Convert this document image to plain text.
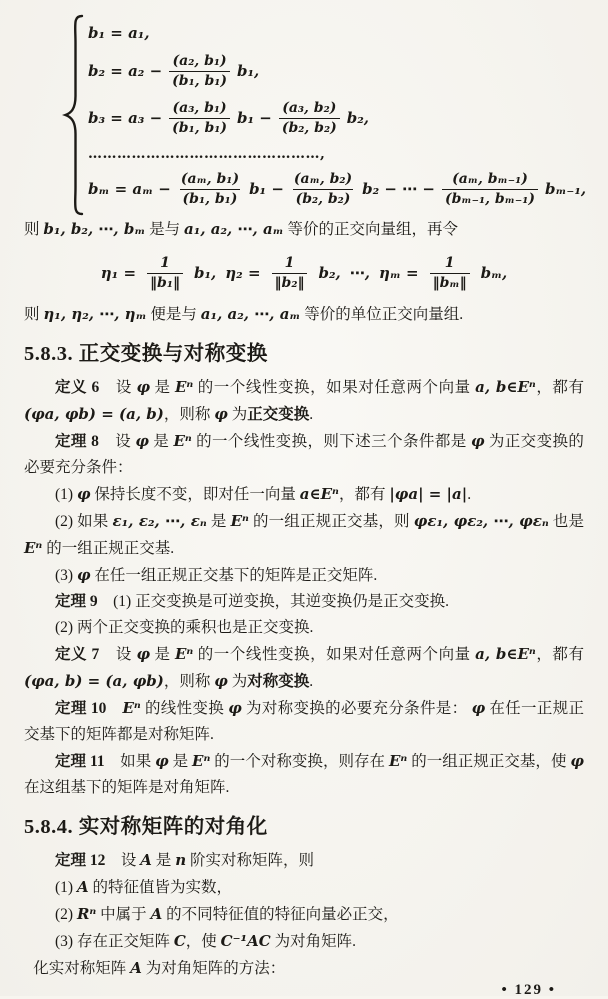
b₁ = a₁,
$b_2 = a_2 - \frac{\text{(a₂, b₁)}}{\text{(b₁, b₁)}} b_1$,
$b_3 = a_3 - \frac{\text{(a₃, b₁)}}{\text{(b₁, b₁)}} b_1 - \frac{\text{(a₃, b₂)}}{\text{(b₂, b₂)}} b_2$,
…………………………………………,
$b_m = a_m - \frac{\text{(aₘ, b₁)}}{\text{(b₁, b₁)}} b_1 - \frac{\text{(aₘ, b₂)}}{\text{(b₂, b₂)}} b_2$ − ⋯ − $\frac{\text{(aₘ, bₘ₋₁)}}{\text{(bₘ₋₁, bₘ₋₁)}} b_{m-1}$,

则 b₁, b₂, ⋯, bₘ 是与 a₁, a₂, ⋯, aₘ 等价的正交向量组，再令

$\eta_1 = \frac{1}{\text{‖b₁‖}} b_1$, $\eta_2 = \frac{1}{\text{‖b₂‖}} b_2$, ⋯, $\eta_m = \frac{1}{\text{‖bₘ‖}} b_m$,

则 η₁, η₂, ⋯, ηₘ 便是与 a₁, a₂, ⋯, aₘ 等价的单位正交向量组.

5.8.3. 正交变换与对称变换

定义 6　设 φ 是 Eⁿ 的一个线性变换，如果对任意两个向量 a, b∈Eⁿ，都有 (φa, φb) = (a, b)，则称 φ 为正交变换.

定理 8　设 φ 是 Eⁿ 的一个线性变换，则下述三个条件都是 φ 为正交变换的必要充分条件：

(1) φ 保持长度不变，即对任一向量 a∈Eⁿ，都有 |φa| = |a|.

(2) 如果 ε₁, ε₂, ⋯, εₙ 是 Eⁿ 的一组正规正交基，则 φε₁, φε₂, ⋯, φεₙ 也是 Eⁿ 的一组正规正交基.

(3) φ 在任一组正规正交基下的矩阵是正交矩阵.

定理 9　(1) 正交变换是可逆变换，其逆变换仍是正交变换.

(2) 两个正交变换的乘积也是正交变换.

定义 7　设 φ 是 Eⁿ 的一个线性变换，如果对任意两个向量 a, b∈Eⁿ，都有 (φa, b) = (a, φb)，则称 φ 为对称变换.

定理 10　 Eⁿ 的线性变换 φ 为对称变换的必要充分条件是： φ 在任一正规正交基下的矩阵都是对称矩阵.

定理 11　如果 φ 是 Eⁿ 的一个对称变换，则存在 Eⁿ 的一组正规正交基，使 φ 在这组基下的矩阵是对角矩阵.

5.8.4. 实对称矩阵的对角化

定理 12　设 A 是 n 阶实对称矩阵，则

(1) A 的特征值皆为实数，

(2) Rⁿ 中属于 A 的不同特征值的特征向量必正交，

(3) 存在正交矩阵 C，使 C⁻¹AC 为对角矩阵.

化实对称矩阵 A 为对角矩阵的方法：

• 129 •
